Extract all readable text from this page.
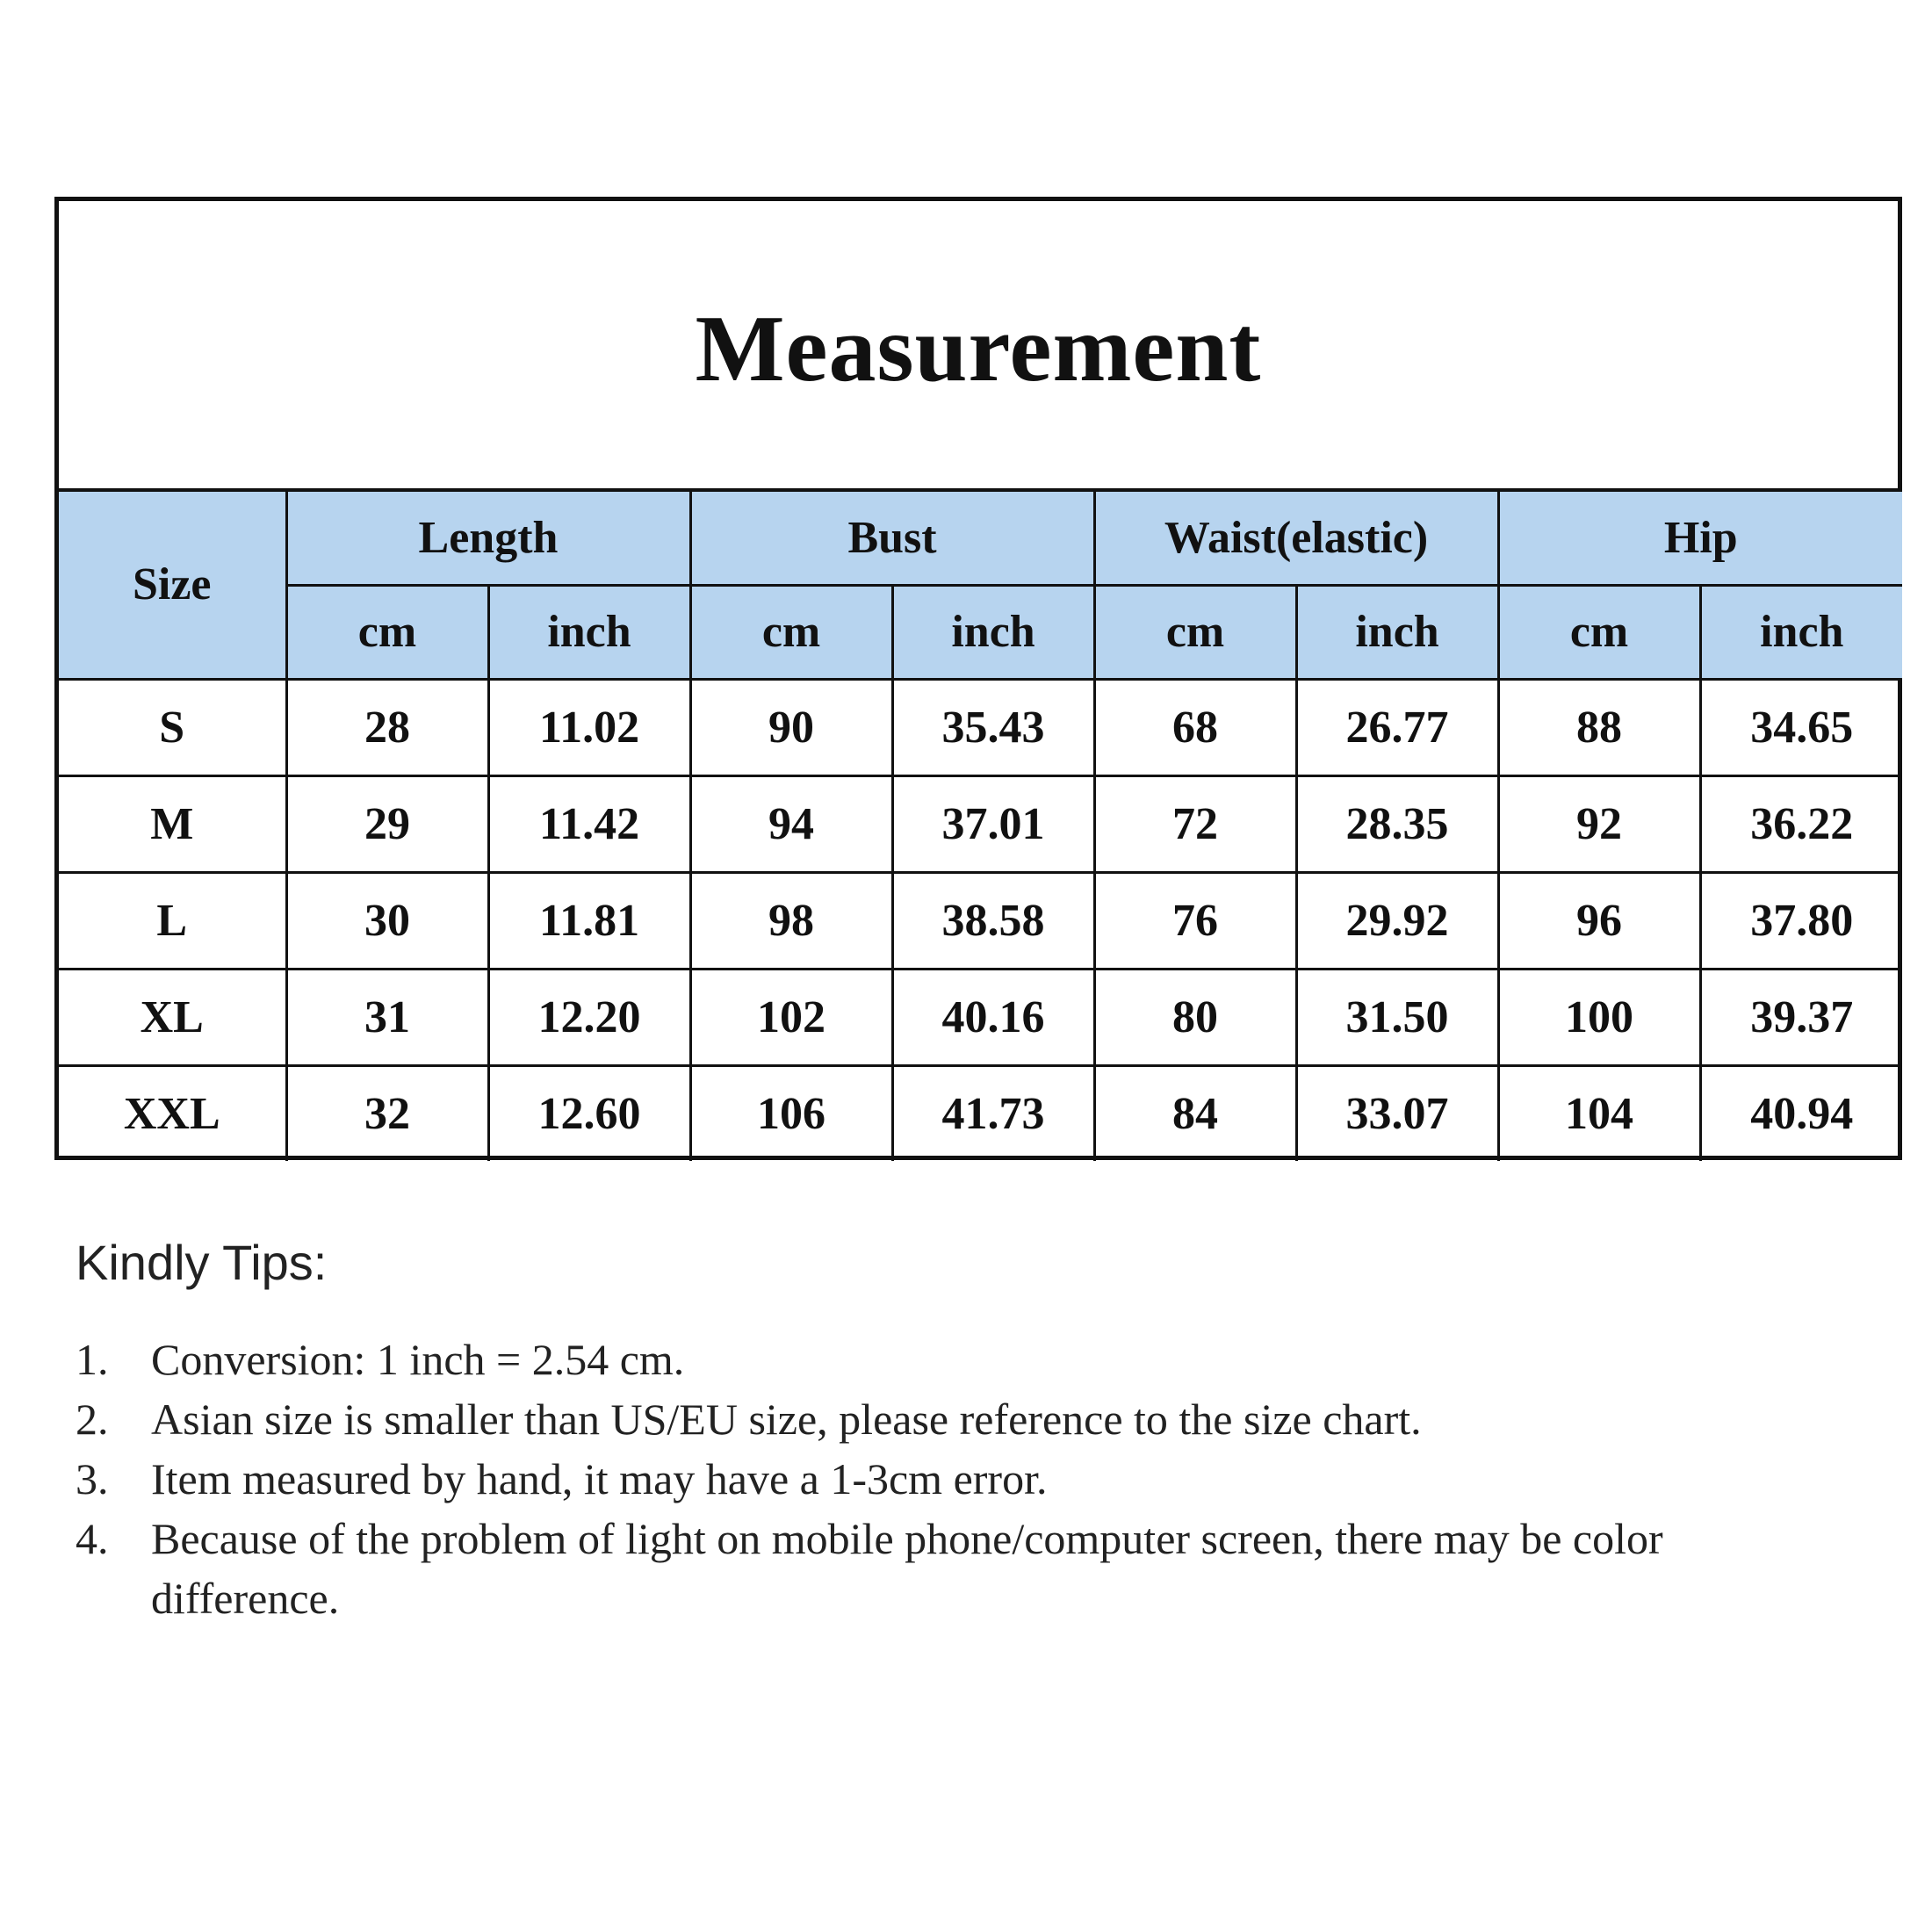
Measurement
Size	Length		Bust		Waist(elastic)		Hip	
	cm	inch	cm	inch	cm	inch	cm	inch
S	28	11.02	90	35.43	68	26.77	88	34.65
M	29	11.42	94	37.01	72	28.35	92	36.22
L	30	11.81	98	38.58	76	29.92	96	37.80
XL	31	12.20	102	40.16	80	31.50	100	39.37
XXL	32	12.60	106	41.73	84	33.07	104	40.94
Kindly Tips:
1. Conversion: 1 inch = 2.54 cm.
2. Asian size is smaller than US/EU size, please reference to the size chart.
3. Item measured by hand, it may have a 1-3cm error.
4. Because of the problem of light on mobile phone/computer screen, there may be color difference.
